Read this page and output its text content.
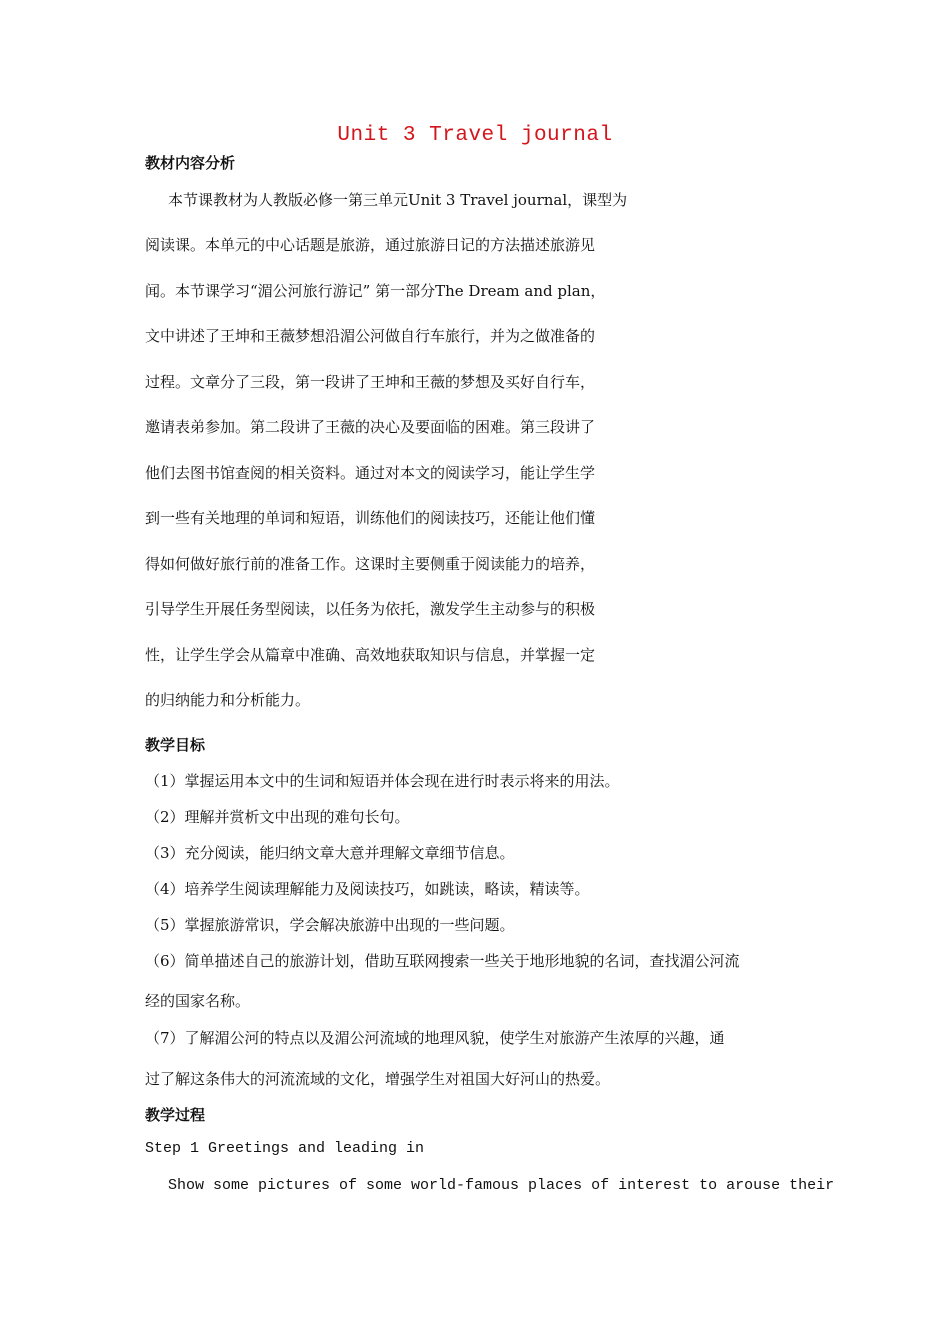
Unit 3 Travel journal
教材内容分析
本节课教材为人教版必修一第三单元Unit 3 Travel journal，课型为
阅读课。本单元的中心话题是旅游，通过旅游日记的方法描述旅游见
闻。本节课学习“湄公河旅行游记” 第一部分The Dream and plan，
文中讲述了王坤和王薇梦想沿湄公河做自行车旅行，并为之做准备的
过程。文章分了三段，第一段讲了王坤和王薇的梦想及买好自行车，
邀请表弟参加。第二段讲了王薇的决心及要面临的困难。第三段讲了
他们去图书馆查阅的相关资料。通过对本文的阅读学习，能让学生学
到一些有关地理的单词和短语，训练他们的阅读技巧，还能让他们懂
得如何做好旅行前的准备工作。这课时主要侧重于阅读能力的培养，
引导学生开展任务型阅读，以任务为依托，激发学生主动参与的积极
性，让学生学会从篇章中准确、高效地获取知识与信息，并掌握一定
的归纳能力和分析能力。
教学目标
（1）掌握运用本文中的生词和短语并体会现在进行时表示将来的用法。
（2）理解并赏析文中出现的难句长句。
（3）充分阅读，能归纳文章大意并理解文章细节信息。
（4）培养学生阅读理解能力及阅读技巧，如跳读，略读，精读等。
（5）掌握旅游常识，学会解决旅游中出现的一些问题。
（6）简单描述自己的旅游计划，借助互联网搜索一些关于地形地貌的名词，查找湄公河流
经的国家名称。
（7）了解湄公河的特点以及湄公河流域的地理风貌，使学生对旅游产生浓厚的兴趣，通
过了解这条伟大的河流流域的文化，增强学生对祖国大好河山的热爱。
教学过程
Step 1 Greetings and leading in
Show some pictures of some world-famous places of interest to arouse their
